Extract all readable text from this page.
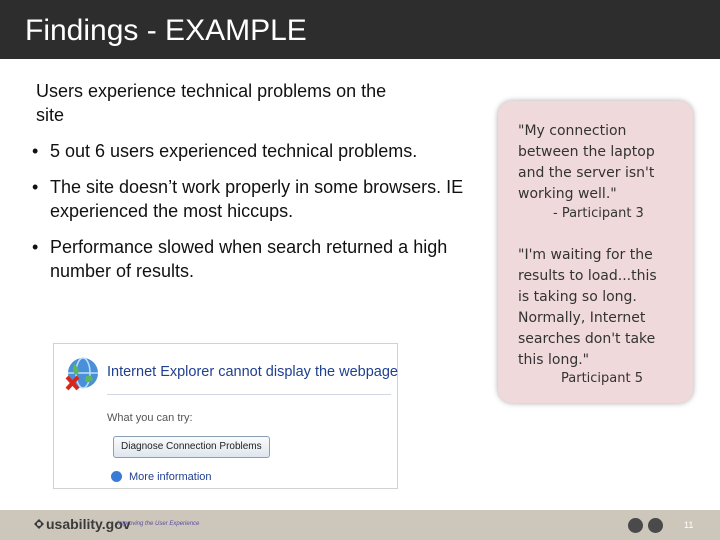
Findings - EXAMPLE
Users experience technical problems on the site
• 5 out 6 users experienced technical problems.
• The site doesn’t work properly in some browsers. IE experienced the most hiccups.
• Performance slowed when search returned a high number of results.
"My connection
between the laptop
and the server isn't
working well."
- Participant 3
"I'm waiting for the
results to load...this
is taking so long.
Normally, Internet
searches don't take
this long."
Participant 5
Internet Explorer cannot display the webpage
What you can try:
Diagnose Connection Problems
More information
usability.gov
Improving the User Experience	11
